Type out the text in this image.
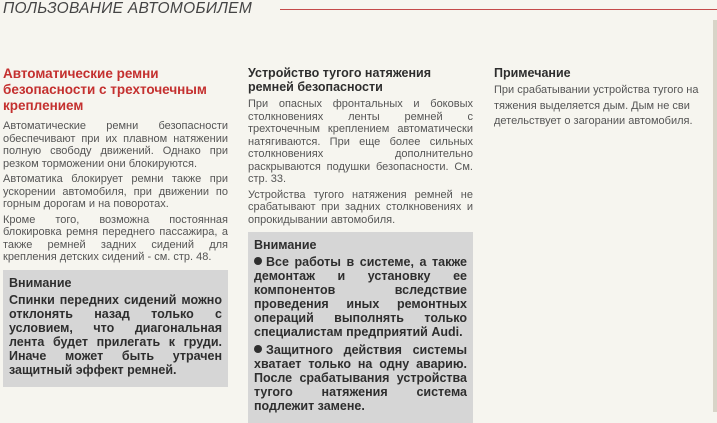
ПОЛЬЗОВАНИЕ АВТОМОБИЛЕМ
Автоматические ремни безопасности с трехточечным креплением

Автоматические ремни безопасности обеспечивают при их плавном натяжении полную свободу движений. Однако при резком торможении они блокируются.

Автоматика блокирует ремни также при ускорении автомобиля, при движении по горным дорогам и на поворотах.

Кроме того, возможна постоянная блокировка ремня переднего пассажира, а также ремней задних сидений для крепления детских сидений - см. стр. 48.

Внимание
Спинки передних сидений можно отклонять назад только с условием, что диагональная лента будет прилегать к груди. Иначе может быть утрачен защитный эффект ремней.
Устройство тугого натяжения ремней безопасности

При опасных фронтальных и боковых столкновениях ленты ремней с трехточечным креплением автоматически натягиваются. При еще более сильных столкновениях дополнительно раскрываются подушки безопасности. См. стр. 33.

Устройства тугого натяжения ремней не срабатывают при задних столкновениях и опрокидывании автомобиля.

Внимание
Все работы в системе, а также демонтаж и установку ее компонентов вследствие проведения иных ремонтных операций выполнять только специалистам предприятий Audi.
Защитного действия системы хватает только на одну аварию. После срабатывания устройства тугого натяжения система подлежит замене.
Примечание
При срабатывании устройства тугого на
тяжения выделяется дым. Дым не сви
детельствует о загорании автомобиля.
